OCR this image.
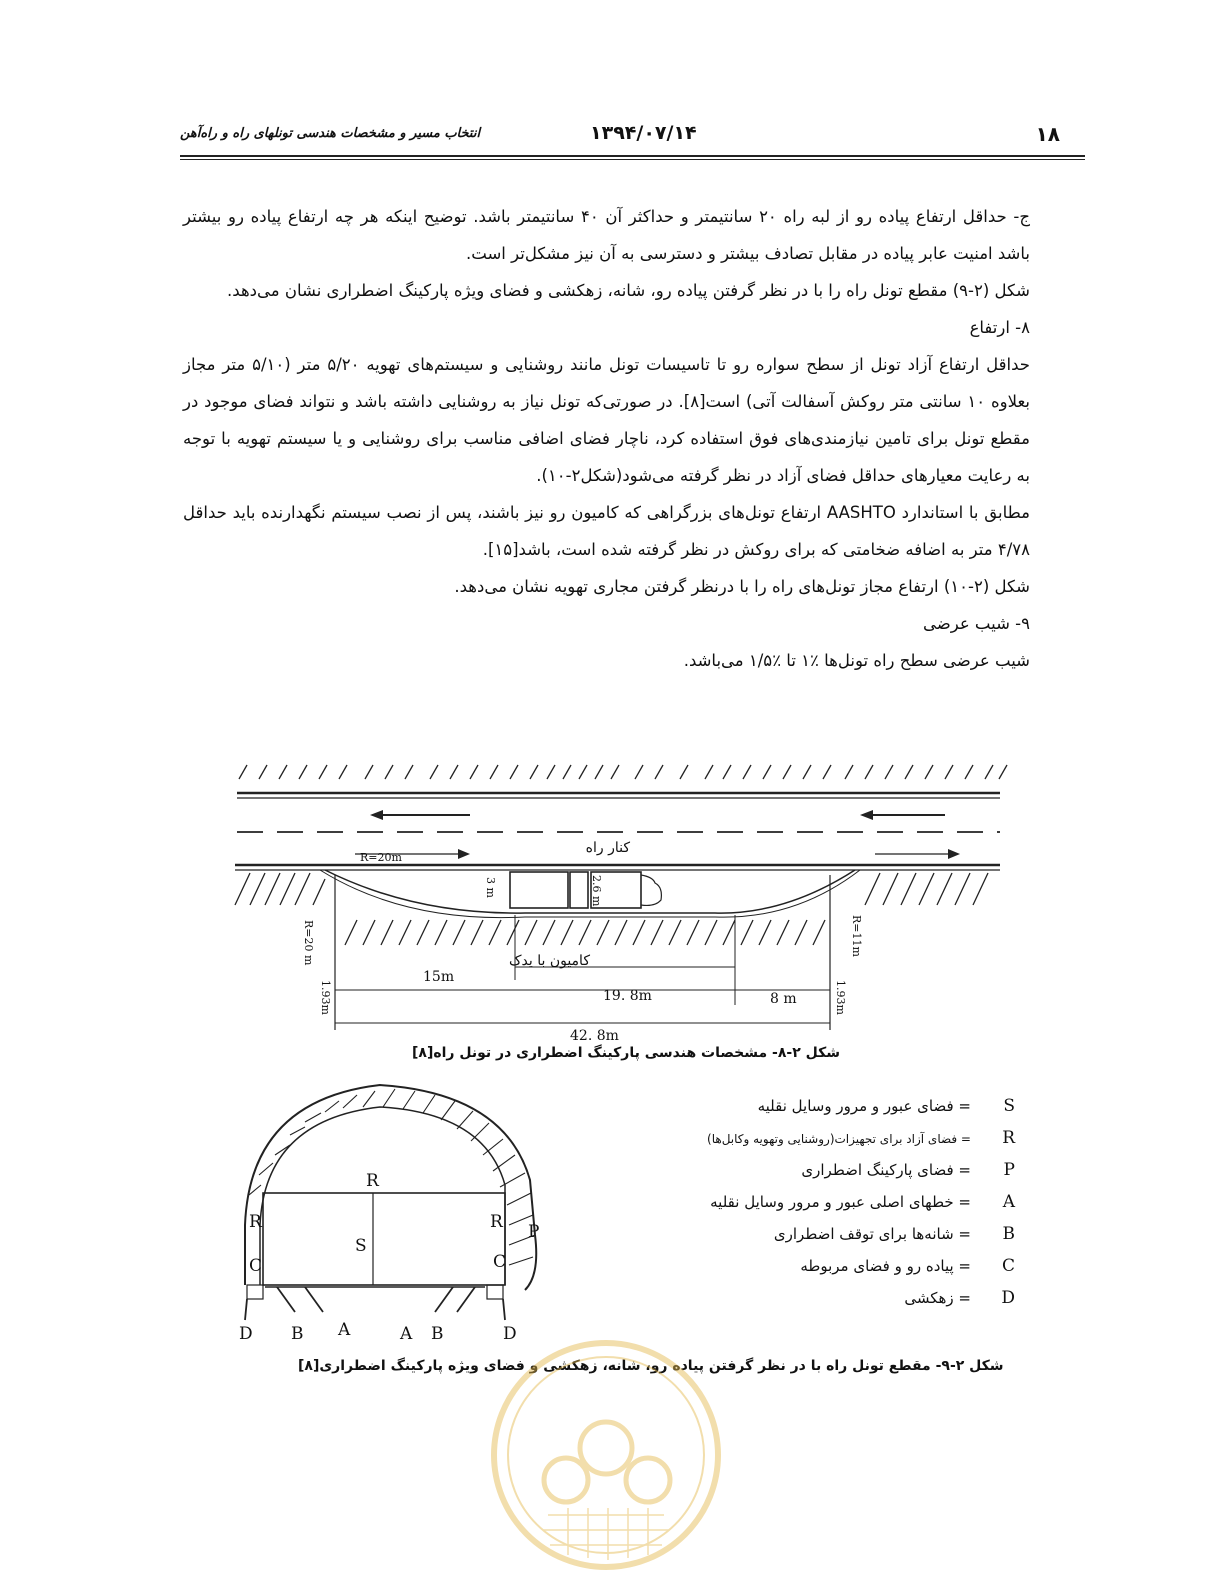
۱۸
۱۳۹۴/۰۷/۱۴
انتخاب مسیر و مشخصات هندسی تونلهای راه و راه‌آهن

ج- حداقل ارتفاع پیاده رو از لبه راه ۲۰ سانتیمتر و حداکثر آن ۴۰ سانتیمتر باشد. توضیح اینکه هر چه ارتفاع پیاده رو بیشتر باشد امنیت عابر پیاده در مقابل تصادف بیشتر و دسترسی به آن نیز مشکل‌تر است.

شکل (۲-۹) مقطع تونل راه را با در نظر گرفتن پیاده رو، شانه، زهکشی و فضای ویژه پارکینگ اضطراری نشان می‌دهد.

۸- ارتفاع

حداقل ارتفاع آزاد تونل از سطح سواره رو تا تاسیسات تونل مانند روشنایی و سیستم‌های تهویه ۵/۲۰ متر (۵/۱۰ متر مجاز بعلاوه ۱۰ سانتی متر روکش آسفالت آتی) است[۸]. در صورتی‌که تونل نیاز به روشنایی داشته باشد و نتواند فضای موجود در مقطع تونل برای تامین نیازمندی‌های فوق استفاده کرد، ناچار فضای اضافی مناسب برای روشنایی و یا سیستم تهویه با توجه به رعایت معیارهای حداقل فضای آزاد در نظر گرفته می‌شود(شکل۲-۱۰).

مطابق با استاندارد AASHTO ارتفاع تونل‌های بزرگراهی که کامیون رو نیز باشند، پس از نصب سیستم نگهدارنده باید حداقل ۴/۷۸ متر به اضافه ضخامتی که برای روکش در نظر گرفته شده است، باشد[۱۵].

شکل (۲-۱۰) ارتفاع مجاز تونل‌های راه را با درنظر گرفتن مجاری تهویه نشان می‌دهد.

۹- شیب عرضی

شیب عرضی سطح راه تونل‌ها ٪۱ تا ٪۱/۵ می‌باشد.

کنار راه
R=20m
کامیون با یدک
15m
19. 8m	8 m
42. 8m
3 m	2.6 m
R=20 m	R=11m
1.93m	1.93m
شکل ۲-۸- مشخصات هندسی پارکینگ اضطراری در تونل راه[۸]
R
S
R
C
R
C
P
D B A	A B	D
S
= فضای عبور و مرور وسایل نقلیه
R
= فضای آزاد برای تجهیزات(روشنایی وتهویه وکابل‌ها)
P
= فضای پارکینگ اضطراری
A
= خطهای اصلی عبور و مرور وسایل نقلیه
B
= شانه‌ها برای توقف اضطراری
C
= پیاده رو و فضای مربوطه
D
= زهکشی
شکل ۲-۹- مقطع تونل راه با در نظر گرفتن پیاده رو، شانه، زهکشی و فضای ویژه پارکینگ اضطراری[۸]
